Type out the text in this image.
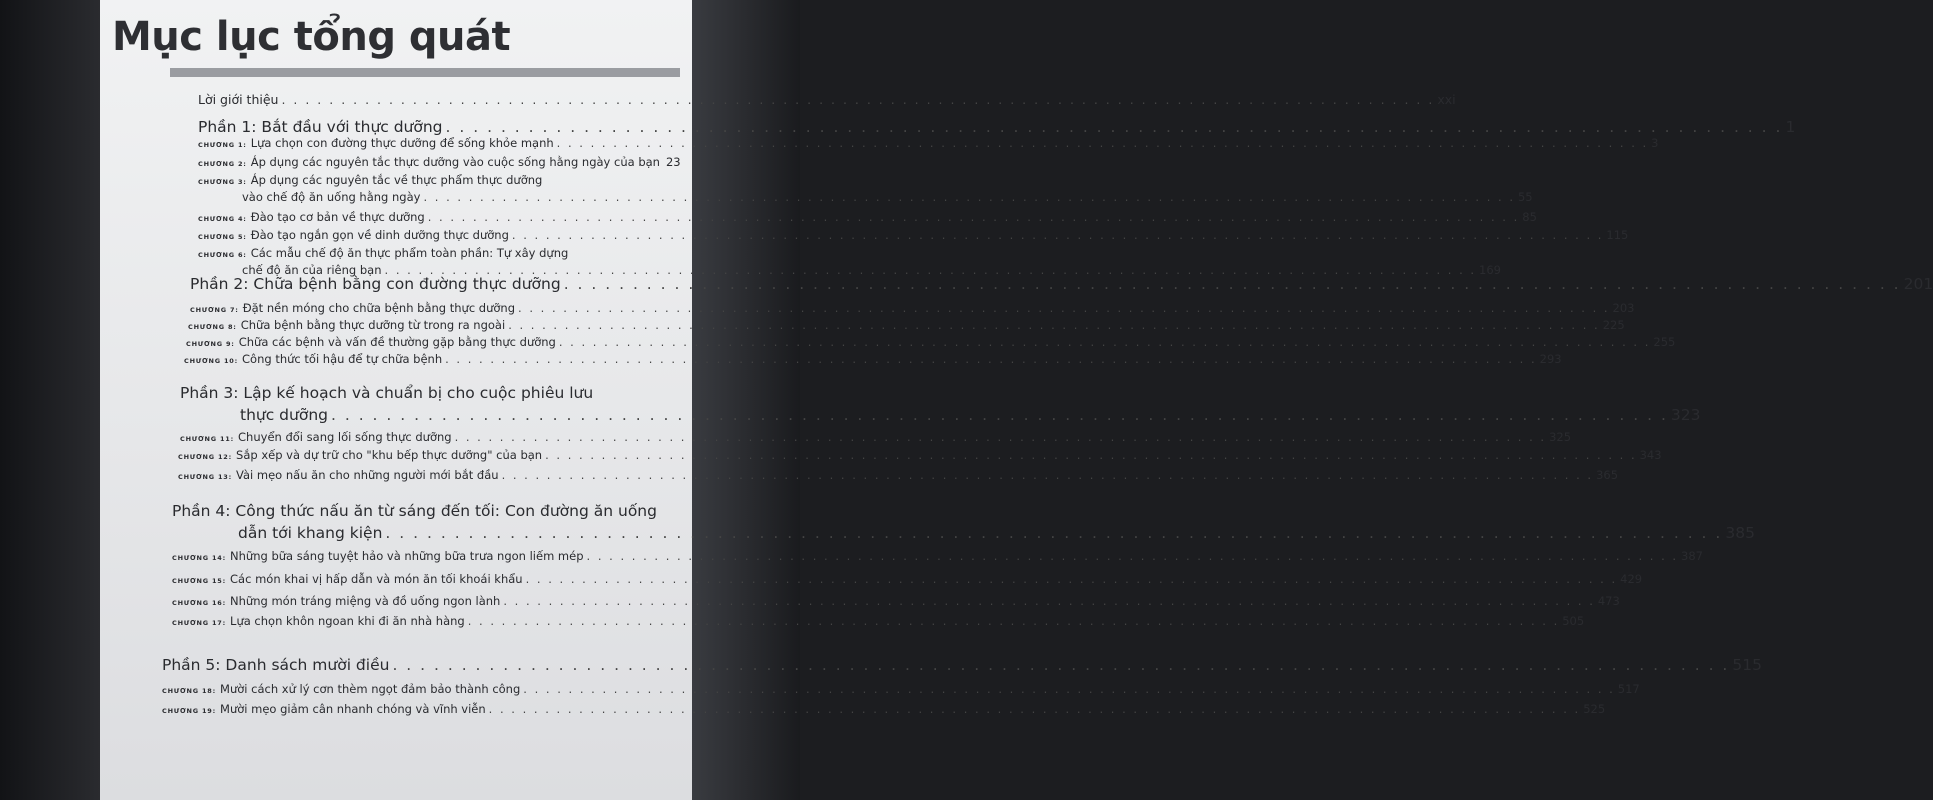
Mục lục tổng quát
Lời giới thiệu . . .	xxi
Phần 1: Bắt đầu với thực dưỡng . . .	1
CHƯƠNG 1: Lựa chọn con đường thực dưỡng để sống khỏe mạnh . . .	3
CHƯƠNG 2: Áp dụng các nguyên tắc thực dưỡng vào cuộc sống hằng ngày của bạn 23
CHƯƠNG 3: Áp dụng các nguyên tắc về thực phẩm thực dưỡng
vào chế độ ăn uống hằng ngày . . .	55
CHƯƠNG 4: Đào tạo cơ bản về thực dưỡng . . .	85
CHƯƠNG 5: Đào tạo ngắn gọn về dinh dưỡng thực dưỡng . . .	115
CHƯƠNG 6: Các mẫu chế độ ăn thực phẩm toàn phần: Tự xây dựng
chế độ ăn của riêng bạn . . .	169
Phần 2: Chữa bệnh bằng con đường thực dưỡng . . .	201
CHƯƠNG 7: Đặt nền móng cho chữa bệnh bằng thực dưỡng . . .	203
CHƯƠNG 8: Chữa bệnh bằng thực dưỡng từ trong ra ngoài . . .	225
CHƯƠNG 9: Chữa các bệnh và vấn đề thường gặp bằng thực dưỡng . . .	255
CHƯƠNG 10: Công thức tối hậu để tự chữa bệnh . . .	293
Phần 3: Lập kế hoạch và chuẩn bị cho cuộc phiêu lưu
thực dưỡng . . .	323
CHƯƠNG 11: Chuyển đổi sang lối sống thực dưỡng . . .	325
CHƯƠNG 12: Sắp xếp và dự trữ cho "khu bếp thực dưỡng" của bạn . . .	343
CHƯƠNG 13: Vài mẹo nấu ăn cho những người mới bắt đầu . . .	365
Phần 4: Công thức nấu ăn từ sáng đến tối: Con đường ăn uống
dẫn tới khang kiện . . .	385
CHƯƠNG 14: Những bữa sáng tuyệt hảo và những bữa trưa ngon liếm mép . . .	387
CHƯƠNG 15: Các món khai vị hấp dẫn và món ăn tối khoái khẩu . . .	429
CHƯƠNG 16: Những món tráng miệng và đồ uống ngon lành . . .	473
CHƯƠNG 17: Lựa chọn khôn ngoan khi đi ăn nhà hàng . . .	505
Phần 5: Danh sách mười điều . . .	515
CHƯƠNG 18: Mười cách xử lý cơn thèm ngọt đảm bảo thành công . . .	517
CHƯƠNG 19: Mười mẹo giảm cân nhanh chóng và vĩnh viễn . . .	525
